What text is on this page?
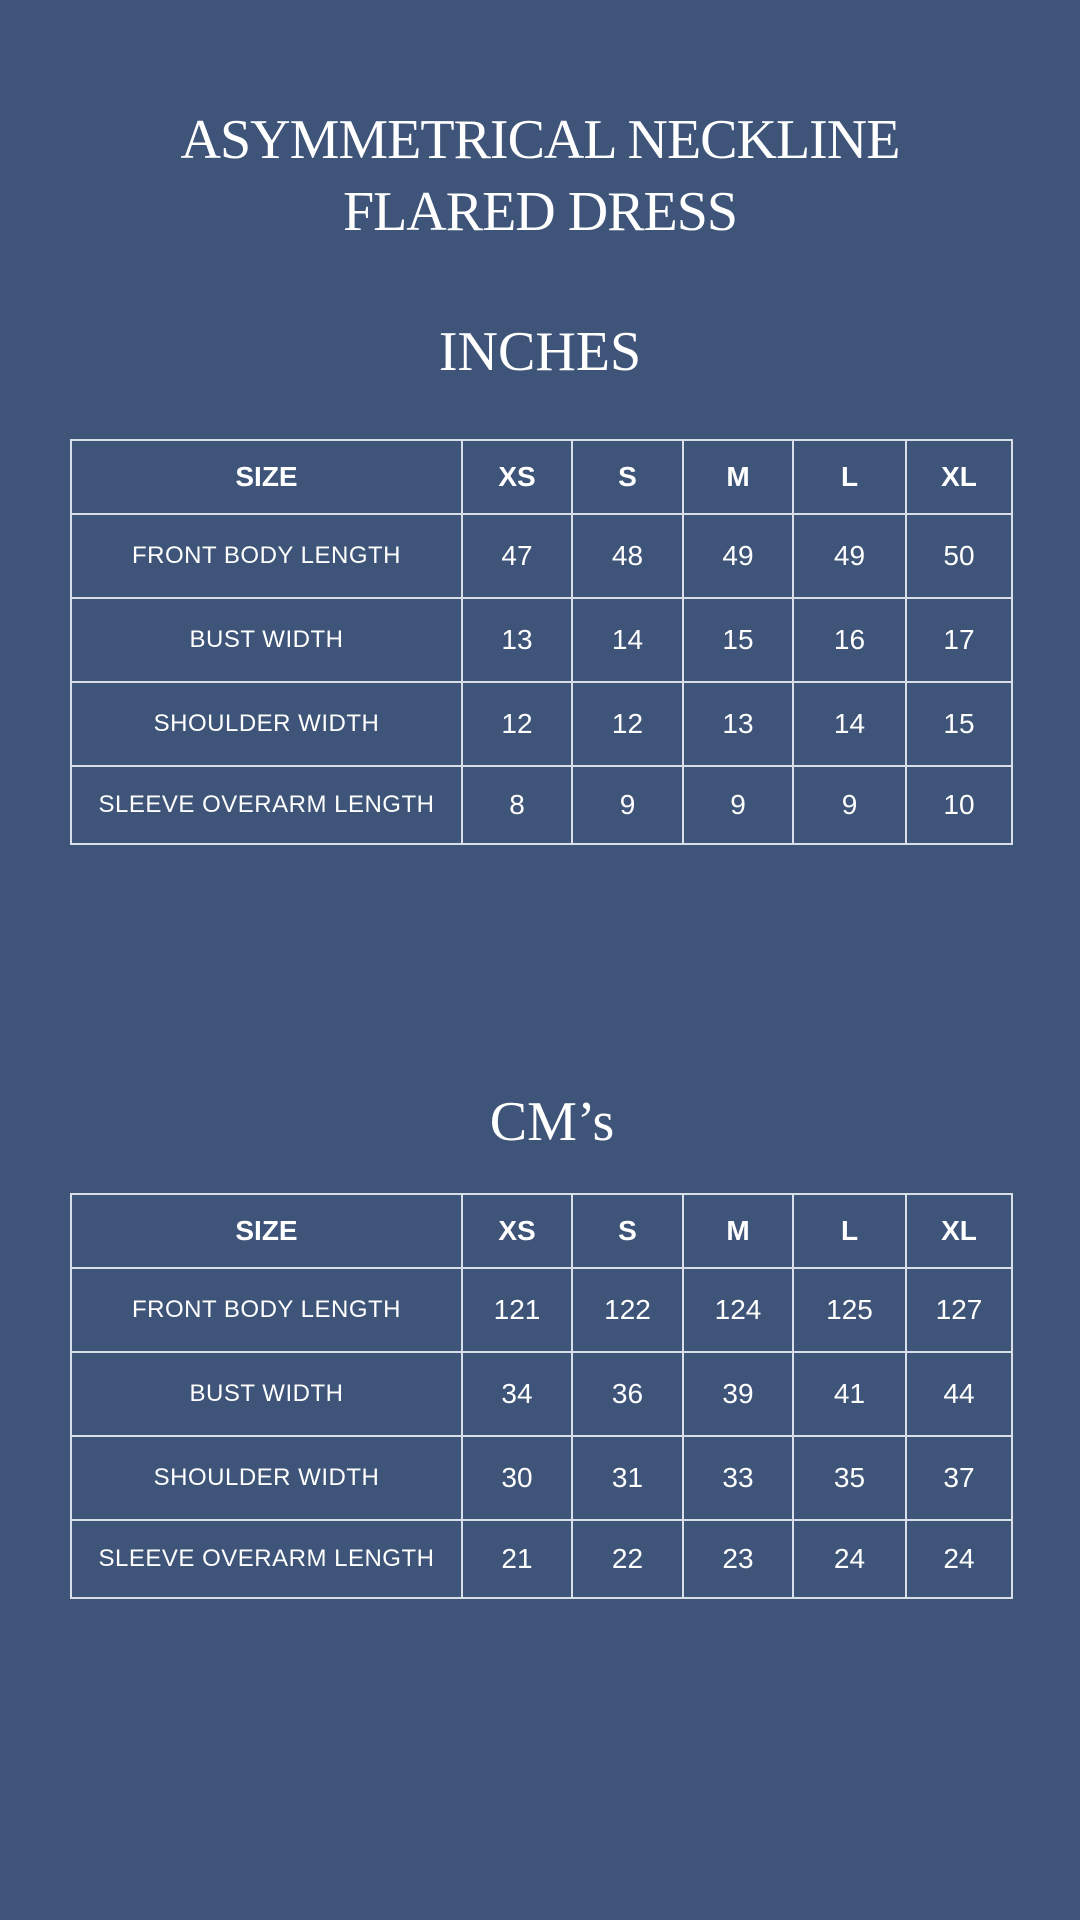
ASYMMETRICAL NECKLINE
FLARED DRESS
INCHES
SIZE	XS	S	M	L	XL
FRONT BODY LENGTH	47	48	49	49	50
BUST WIDTH	13	14	15	16	17
SHOULDER WIDTH	12	12	13	14	15
SLEEVE OVERARM LENGTH	8	9	9	9	10
CM’s
SIZE	XS	S	M	L	XL
FRONT BODY LENGTH	121	122	124	125	127
BUST WIDTH	34	36	39	41	44
SHOULDER WIDTH	30	31	33	35	37
SLEEVE OVERARM LENGTH	21	22	23	24	24
